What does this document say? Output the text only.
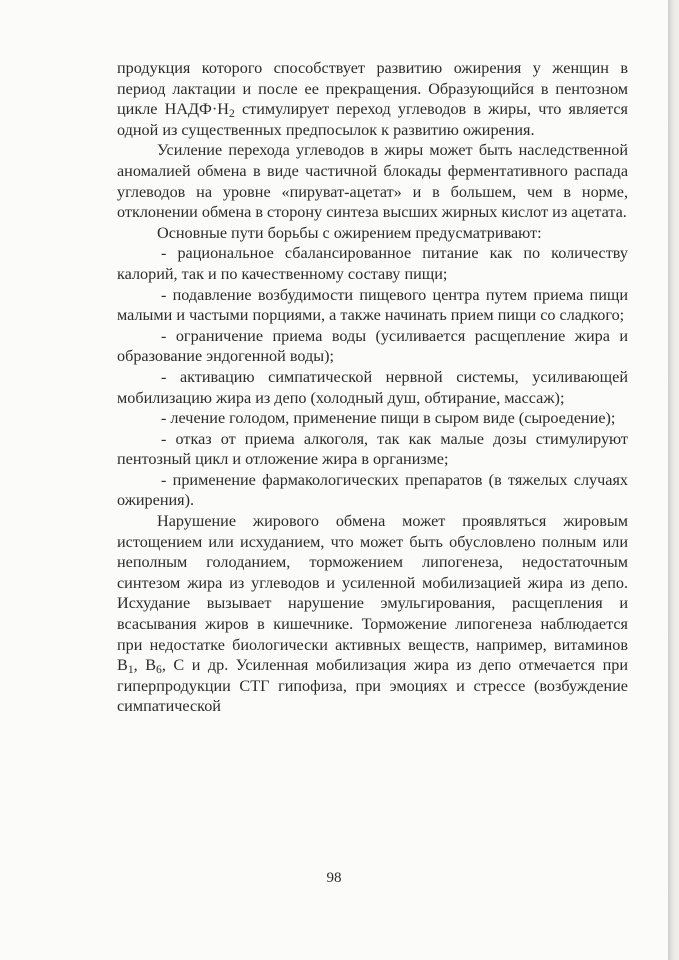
продукция которого способствует развитию ожирения у женщин в период лактации и после ее прекращения. Образующийся в пентозном цикле $НАДФ\cdot Н_2$ стимулирует переход углеводов в жиры, что является одной из существенных предпосылок к развитию ожирения.

Усиление перехода углеводов в жиры может быть наследственной аномалией обмена в виде частичной блокады ферментативного распада углеводов на уровне «пируват-ацетат» и в большем, чем в норме, отклонении обмена в сторону синтеза высших жирных кислот из ацетата.

Основные пути борьбы с ожирением предусматривают:

- рациональное сбалансированное питание как по количеству калорий, так и по качественному составу пищи;

- подавление возбудимости пищевого центра путем приема пищи малыми и частыми порциями, а также начинать прием пищи со сладкого;

- ограничение приема воды (усиливается расщепление жира и образование эндогенной воды);

- активацию симпатической нервной системы, усиливающей мобилизацию жира из депо (холодный душ, обтирание, массаж);

- лечение голодом, применение пищи в сыром виде (сыроедение);

- отказ от приема алкоголя, так как малые дозы стимулируют пентозный цикл и отложение жира в организме;

- применение фармакологических препаратов (в тяжелых случаях ожирения).

Нарушение жирового обмена может проявляться жировым истощением или исхуданием, что может быть обусловлено полным или неполным голоданием, торможением липогенеза, недостаточным синтезом жира из углеводов и усиленной мобилизацией жира из депо. Исхудание вызывает нарушение эмульгирования, расщепления и всасывания жиров в кишечнике. Торможение липогенеза наблюдается при недостатке биологически активных веществ, например, витаминов $B_1$, $B_6$, C и др. Усиленная мобилизация жира из депо отмечается при гиперпродукции СТГ гипофиза, при эмоциях и стрессе (возбуждение симпатической

98
